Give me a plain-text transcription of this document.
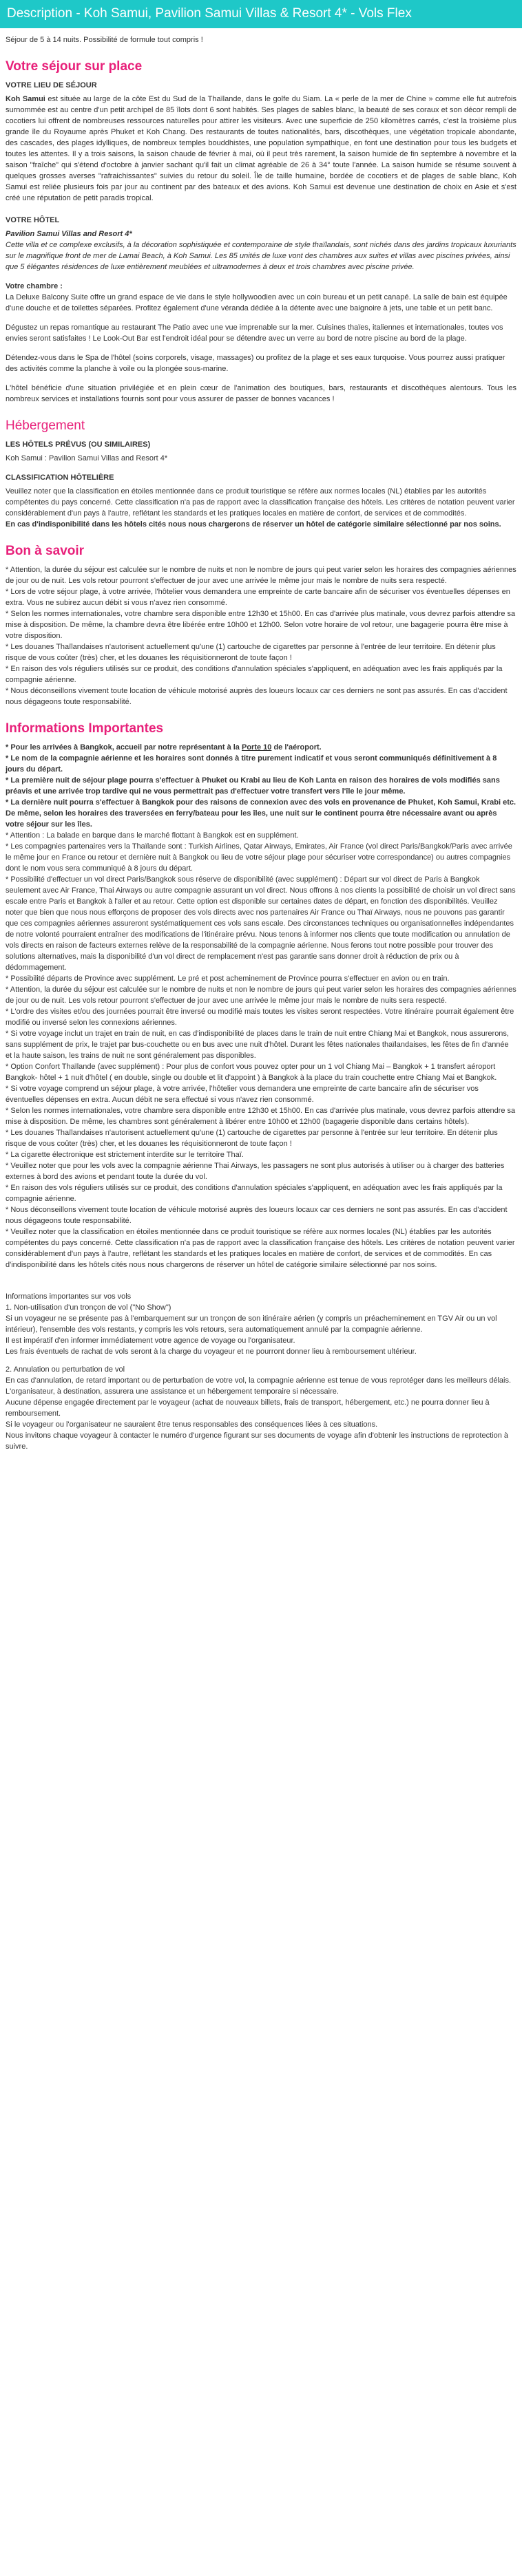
Description - Koh Samui, Pavilion Samui Villas & Resort 4* - Vols Flex

Séjour de 5 à 14 nuits. Possibilité de formule tout compris !

Votre séjour sur place
VOTRE LIEU DE SÉJOUR

Koh Samui est située au large de la côte Est du Sud de la Thaïlande, dans le golfe du Siam. La « perle de la mer de Chine » comme elle fut autrefois surnommée est au centre d'un petit archipel de 85 îlots dont 6 sont habités. Ses plages de sables blanc, la beauté de ses coraux et son décor rempli de cocotiers lui offrent de nombreuses ressources naturelles pour attirer les visiteurs. Avec une superficie de 250 kilomètres carrés, c'est la troisième plus grande île du Royaume après Phuket et Koh Chang. Des restaurants de toutes nationalités, bars, discothèques, une végétation tropicale abondante, des cascades, des plages idylliques, de nombreux temples bouddhistes, une population sympathique, en font une destination pour tous les budgets et toutes les attentes. Il y a trois saisons, la saison chaude de février à mai, où il peut très rarement, la saison humide de fin septembre à novembre et la saison "fraîche" qui s'étend d'octobre à janvier sachant qu'il fait un climat agréable de 26 à 34° toute l'année. La saison humide se résume souvent à quelques grosses averses "rafraichissantes" suivies du retour du soleil. Île de taille humaine, bordée de cocotiers et de plages de sable blanc, Koh Samui est reliée plusieurs fois par jour au continent par des bateaux et des avions. Koh Samui est devenue une destination de choix en Asie et s'est créé une réputation de petit paradis tropical.

VOTRE HÔTEL
Pavilion Samui Villas and Resort 4*

Cette villa et ce complexe exclusifs, à la décoration sophistiquée et contemporaine de style thaïlandais, sont nichés dans des jardins tropicaux luxuriants sur le magnifique front de mer de Lamai Beach, à Koh Samui. Les 85 unités de luxe vont des chambres aux suites et villas avec piscines privées, ainsi que 5 élégantes résidences de luxe entièrement meublées et ultramodernes à deux et trois chambres avec piscine privée.

Votre chambre :

La Deluxe Balcony Suite offre un grand espace de vie dans le style hollywoodien avec un coin bureau et un petit canapé. La salle de bain est équipée d'une douche et de toilettes séparées. Profitez également d'une véranda dédiée à la détente avec une baignoire à jets, une table et un petit banc.

Dégustez un repas romantique au restaurant The Patio avec une vue imprenable sur la mer. Cuisines thaïes, italiennes et internationales, toutes vos envies seront satisfaites ! Le Look-Out Bar est l'endroit idéal pour se détendre avec un verre au bord de notre piscine au bord de la plage.

Détendez-vous dans le Spa de l'hôtel (soins corporels, visage, massages) ou profitez de la plage et ses eaux turquoise. Vous pourrez aussi pratiquer des activités comme la planche à voile ou la plongée sous-marine.

L'hôtel bénéficie d'une situation privilégiée et en plein cœur de l'animation des boutiques, bars, restaurants et discothèques alentours. Tous les nombreux services et installations fournis sont pour vous assurer de passer de bonnes vacances !

Hébergement
LES HÔTELS PRÉVUS (OU SIMILAIRES)

Koh Samui : Pavilion Samui Villas and Resort 4*

CLASSIFICATION HÔTELIÈRE

Veuillez noter que la classification en étoiles mentionnée dans ce produit touristique se réfère aux normes locales (NL) établies par les autorités compétentes du pays concerné. Cette classification n'a pas de rapport avec la classification française des hôtels. Les critères de notation peuvent varier considérablement d'un pays à l'autre, reflétant les standards et les pratiques locales en matière de confort, de services et de commodités.

En cas d'indisponibilité dans les hôtels cités nous nous chargerons de réserver un hôtel de catégorie similaire sélectionné par nos soins.

Bon à savoir

* Attention, la durée du séjour est calculée sur le nombre de nuits et non le nombre de jours qui peut varier selon les horaires des compagnies aériennes de jour ou de nuit. Les vols retour pourront s'effectuer de jour avec une arrivée le même jour mais le nombre de nuits sera respecté.

* Lors de votre séjour plage, à votre arrivée, l'hôtelier vous demandera une empreinte de carte bancaire afin de sécuriser vos éventuelles dépenses en extra. Vous ne subirez aucun débit si vous n'avez rien consommé.

* Selon les normes internationales, votre chambre sera disponible entre 12h30 et 15h00. En cas d'arrivée plus matinale, vous devrez parfois attendre sa mise à disposition. De même, la chambre devra être libérée entre 10h00 et 12h00. Selon votre horaire de vol retour, une bagagerie pourra être mise à votre disposition.

* Les douanes Thaïlandaises n'autorisent actuellement qu'une (1) cartouche de cigarettes par personne à l'entrée de leur territoire. En détenir plus risque de vous coûter (très) cher, et les douanes les réquisitionneront de toute façon !

* En raison des vols réguliers utilisés sur ce produit, des conditions d'annulation spéciales s'appliquent, en adéquation avec les frais appliqués par la compagnie aérienne.

* Nous déconseillons vivement toute location de véhicule motorisé auprès des loueurs locaux car ces derniers ne sont pas assurés. En cas d'accident nous dégageons toute responsabilité.

Informations Importantes

* Pour les arrivées à Bangkok, accueil par notre représentant à la Porte 10 de l'aéroport.

* Le nom de la compagnie aérienne et les horaires sont donnés à titre purement indicatif et vous seront communiqués définitivement à 8 jours du départ.

* La première nuit de séjour plage pourra s'effectuer à Phuket ou Krabi au lieu de Koh Lanta en raison des horaires de vols modifiés sans préavis et une arrivée trop tardive qui ne vous permettrait pas d'effectuer votre transfert vers l'île le jour même.

* La dernière nuit pourra s'effectuer à Bangkok pour des raisons de connexion avec des vols en provenance de Phuket, Koh Samui, Krabi etc. De même, selon les horaires des traversées en ferry/bateau pour les îles, une nuit sur le continent pourra être nécessaire avant ou après votre séjour sur les îles.

* Attention : La balade en barque dans le marché flottant à Bangkok est en supplément.

* Les compagnies partenaires vers la Thaïlande sont : Turkish Airlines, Qatar Airways, Emirates, Air France (vol direct Paris/Bangkok/Paris avec arrivée le même jour en France ou retour et dernière nuit à Bangkok ou lieu de votre séjour plage pour sécuriser votre correspondance) ou autres compagnies dont le nom vous sera communiqué à 8 jours du départ.

* Possibilité d'effectuer un vol direct Paris/Bangkok sous réserve de disponibilité (avec supplément) : Départ sur vol direct de Paris à Bangkok seulement avec Air France, Thai Airways ou autre compagnie assurant un vol direct. Nous offrons à nos clients la possibilité de choisir un vol direct sans escale entre Paris et Bangkok à l'aller et au retour. Cette option est disponible sur certaines dates de départ, en fonction des disponibilités. Veuillez noter que bien que nous nous efforçons de proposer des vols directs avec nos partenaires Air France ou Thaï Airways, nous ne pouvons pas garantir que ces compagnies aériennes assureront systématiquement ces vols sans escale. Des circonstances techniques ou organisationnelles indépendantes de notre volonté pourraient entraîner des modifications de l'itinéraire prévu. Nous tenons à informer nos clients que toute modification ou annulation de vols directs en raison de facteurs externes relève de la responsabilité de la compagnie aérienne. Nous ferons tout notre possible pour trouver des solutions alternatives, mais la disponibilité d'un vol direct de remplacement n'est pas garantie sans donner droit à réduction de prix ou à dédommagement.

* Possibilité départs de Province avec supplément. Le pré et post acheminement de Province pourra s'effectuer en avion ou en train.

* Attention, la durée du séjour est calculée sur le nombre de nuits et non le nombre de jours qui peut varier selon les horaires des compagnies aériennes de jour ou de nuit. Les vols retour pourront s'effectuer de jour avec une arrivée le même jour mais le nombre de nuits sera respecté.

* L'ordre des visites et/ou des journées pourrait être inversé ou modifié mais toutes les visites seront respectées. Votre itinéraire pourrait également être modifié ou inversé selon les connexions aériennes.

* Si votre voyage inclut un trajet en train de nuit, en cas d'indisponibilité de places dans le train de nuit entre Chiang Mai et Bangkok, nous assurerons, sans supplément de prix, le trajet par bus-couchette ou en bus avec une nuit d'hôtel. Durant les fêtes nationales thaïlandaises, les fêtes de fin d'année et la haute saison, les trains de nuit ne sont généralement pas disponibles.

* Option Confort Thaïlande (avec supplément) : Pour plus de confort vous pouvez opter pour un 1 vol Chiang Mai – Bangkok + 1 transfert aéroport Bangkok- hôtel + 1 nuit d'hôtel ( en double, single ou double et lit d'appoint ) à Bangkok à la place du train couchette entre Chiang Mai et Bangkok.

* Si votre voyage comprend un séjour plage, à votre arrivée, l'hôtelier vous demandera une empreinte de carte bancaire afin de sécuriser vos éventuelles dépenses en extra. Aucun débit ne sera effectué si vous n'avez rien consommé.

* Selon les normes internationales, votre chambre sera disponible entre 12h30 et 15h00. En cas d'arrivée plus matinale, vous devrez parfois attendre sa mise à disposition. De même, les chambres sont généralement à libérer entre 10h00 et 12h00 (bagagerie disponible dans certains hôtels).

* Les douanes Thaïlandaises n'autorisent actuellement qu'une (1) cartouche de cigarettes par personne à l'entrée sur leur territoire. En détenir plus risque de vous coûter (très) cher, et les douanes les réquisitionneront de toute façon !

* La cigarette électronique est strictement interdite sur le territoire Thaï.

* Veuillez noter que pour les vols avec la compagnie aérienne Thai Airways, les passagers ne sont plus autorisés à utiliser ou à charger des batteries externes à bord des avions et pendant toute la durée du vol.

* En raison des vols réguliers utilisés sur ce produit, des conditions d'annulation spéciales s'appliquent, en adéquation avec les frais appliqués par la compagnie aérienne.

* Nous déconseillons vivement toute location de véhicule motorisé auprès des loueurs locaux car ces derniers ne sont pas assurés. En cas d'accident nous dégageons toute responsabilité.

* Veuillez noter que la classification en étoiles mentionnée dans ce produit touristique se réfère aux normes locales (NL) établies par les autorités compétentes du pays concerné. Cette classification n'a pas de rapport avec la classification française des hôtels. Les critères de notation peuvent varier considérablement d'un pays à l'autre, reflétant les standards et les pratiques locales en matière de confort, de services et de commodités. En cas d'indisponibilité dans les hôtels cités nous nous chargerons de réserver un hôtel de catégorie similaire sélectionné par nos soins.

Informations importantes sur vos vols

1. Non-utilisation d'un tronçon de vol ("No Show")

Si un voyageur ne se présente pas à l'embarquement sur un tronçon de son itinéraire aérien (y compris un préacheminement en TGV Air ou un vol intérieur), l'ensemble des vols restants, y compris les vols retours, sera automatiquement annulé par la compagnie aérienne.

Il est impératif d'en informer immédiatement votre agence de voyage ou l'organisateur.

Les frais éventuels de rachat de vols seront à la charge du voyageur et ne pourront donner lieu à remboursement ultérieur.

2. Annulation ou perturbation de vol

En cas d'annulation, de retard important ou de perturbation de votre vol, la compagnie aérienne est tenue de vous reprotéger dans les meilleurs délais.

L'organisateur, à destination, assurera une assistance et un hébergement temporaire si nécessaire.

Aucune dépense engagée directement par le voyageur (achat de nouveaux billets, frais de transport, hébergement, etc.) ne pourra donner lieu à remboursement.

Si le voyageur ou l'organisateur ne sauraient être tenus responsables des conséquences liées à ces situations.

Nous invitons chaque voyageur à contacter le numéro d'urgence figurant sur ses documents de voyage afin d'obtenir les instructions de reprotection à suivre.
